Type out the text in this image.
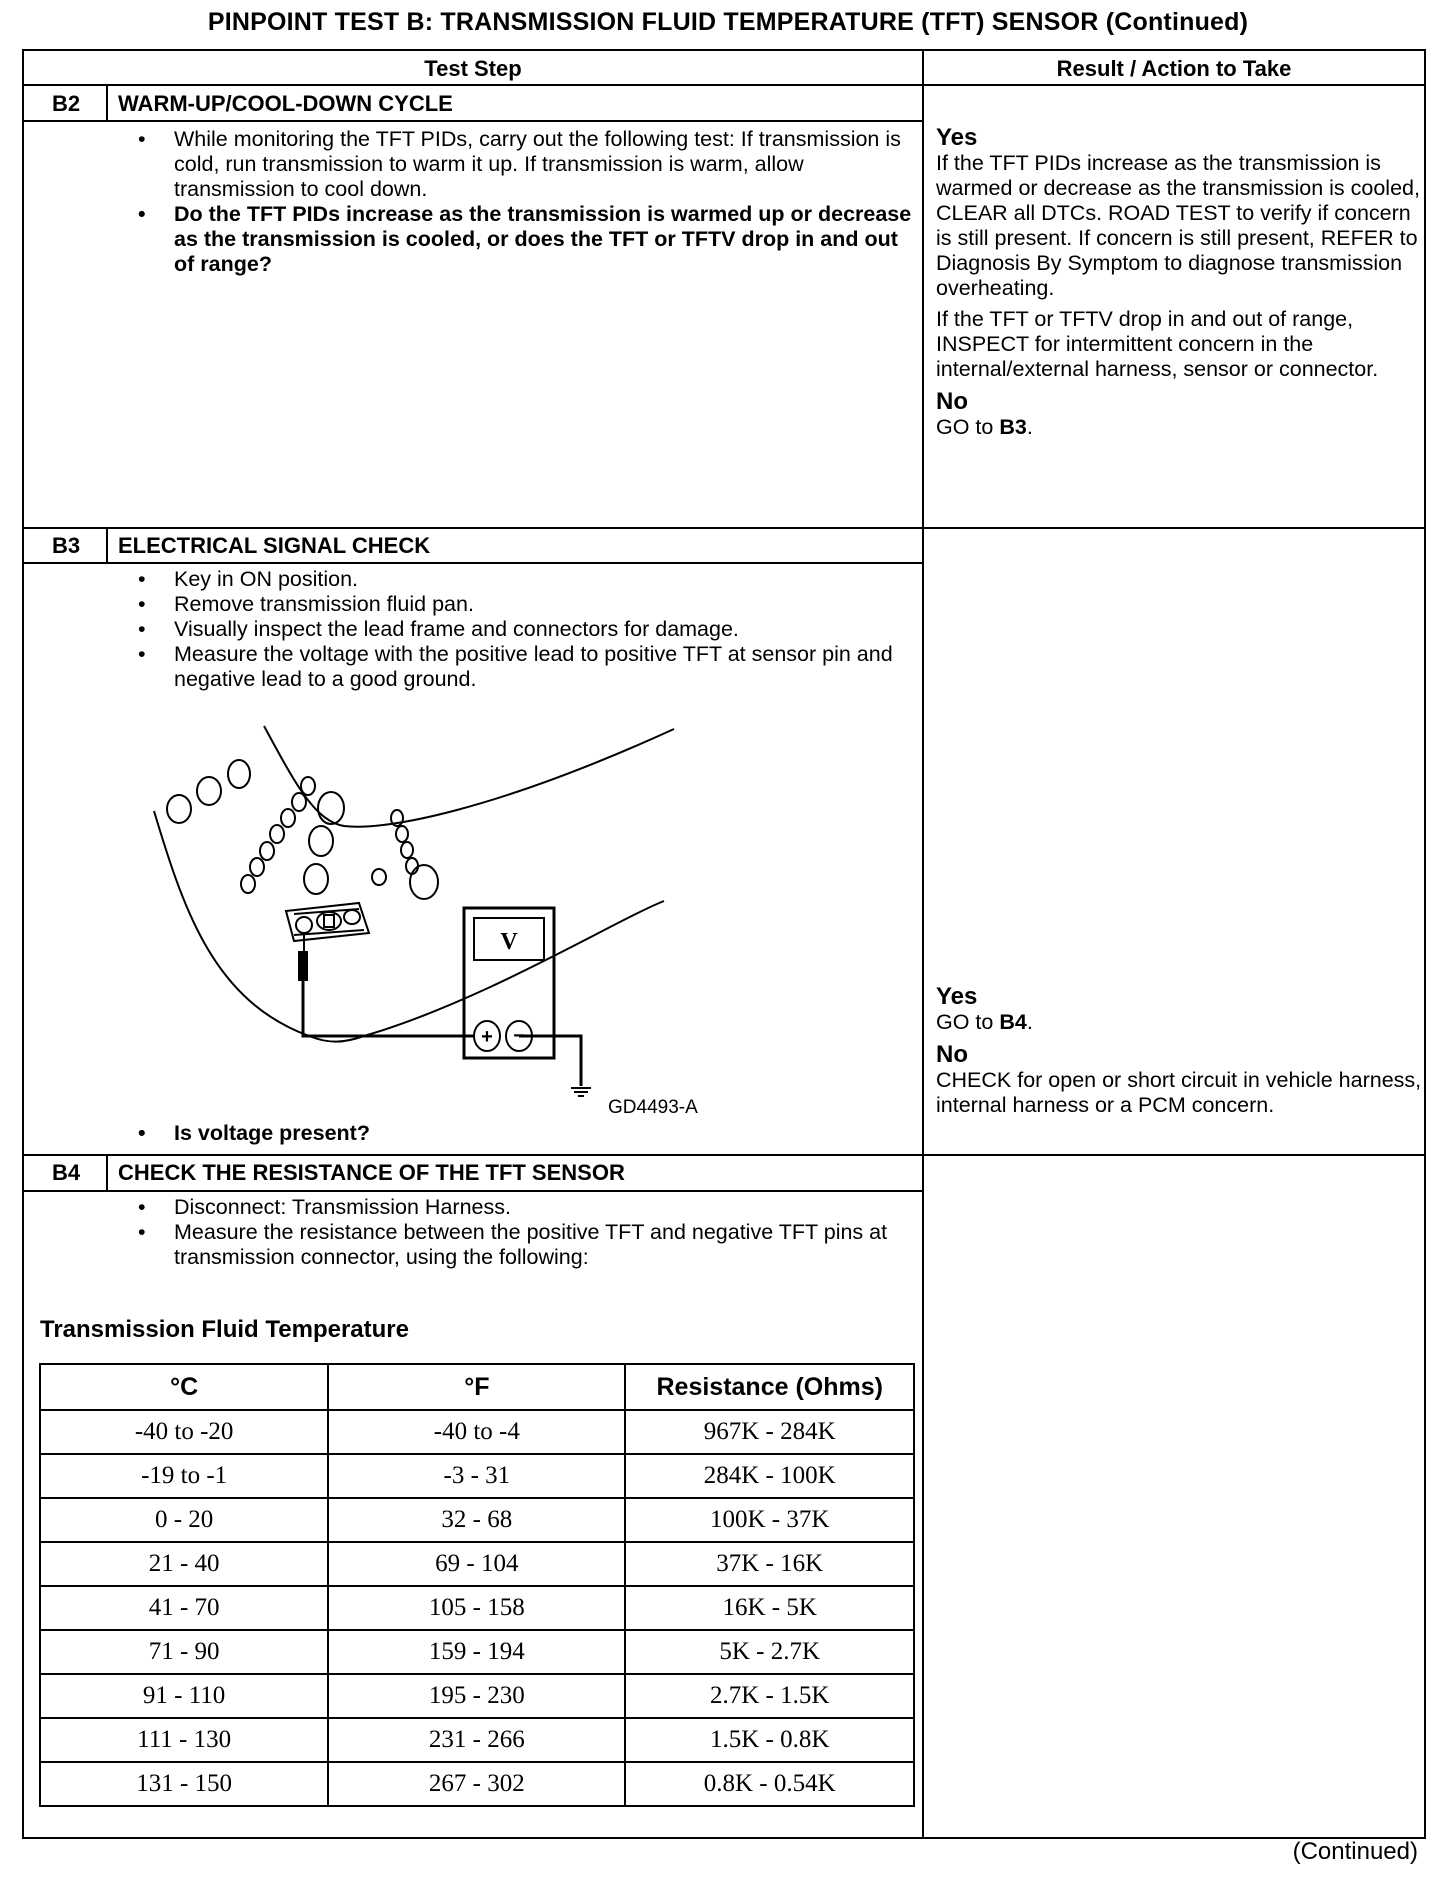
PINPOINT TEST B: TRANSMISSION FLUID TEMPERATURE (TFT) SENSOR (Continued)
Test Step	Result / Action to Take
B2	WARM-UP/COOL-DOWN CYCLE
• While monitoring the TFT PIDs, carry out the following test: If transmission is cold, run transmission to warm it up. If transmission is warm, allow transmission to cool down.
• Do the TFT PIDs increase as the transmission is warmed up or decrease as the transmission is cooled, or does the TFT or TFTV drop in and out of range?
Yes

If the TFT PIDs increase as the transmission is warmed or decrease as the transmission is cooled, CLEAR all DTCs. ROAD TEST to verify if concern is still present. If concern is still present, REFER to Diagnosis By Symptom to diagnose transmission overheating.

If the TFT or TFTV drop in and out of range, INSPECT for intermittent concern in the internal/external harness, sensor or connector.

No

GO to B3.

B3	ELECTRICAL SIGNAL CHECK
• Key in ON position.
• Remove transmission fluid pan.
• Visually inspect the lead frame and connectors for damage.
• Measure the voltage with the positive lead to positive TFT at sensor pin and negative lead to a good ground.
V
+ −
GD4493-A
• Is voltage present?
Yes

GO to B4.

No

CHECK for open or short circuit in vehicle harness, internal harness or a PCM concern.

B4	CHECK THE RESISTANCE OF THE TFT SENSOR
• Disconnect: Transmission Harness.
• Measure the resistance between the positive TFT and negative TFT pins at transmission connector, using the following:
Transmission Fluid Temperature
°C	°F	Resistance (Ohms)
-40 to -20	-40 to -4	967K - 284K
-19 to -1	-3 - 31	284K - 100K
0 - 20	32 - 68	100K - 37K
21 - 40	69 - 104	37K - 16K
41 - 70	105 - 158	16K - 5K
71 - 90	159 - 194	5K - 2.7K
91 - 110	195 - 230	2.7K - 1.5K
111 - 130	231 - 266	1.5K - 0.8K
131 - 150	267 - 302	0.8K - 0.54K
(Continued)
